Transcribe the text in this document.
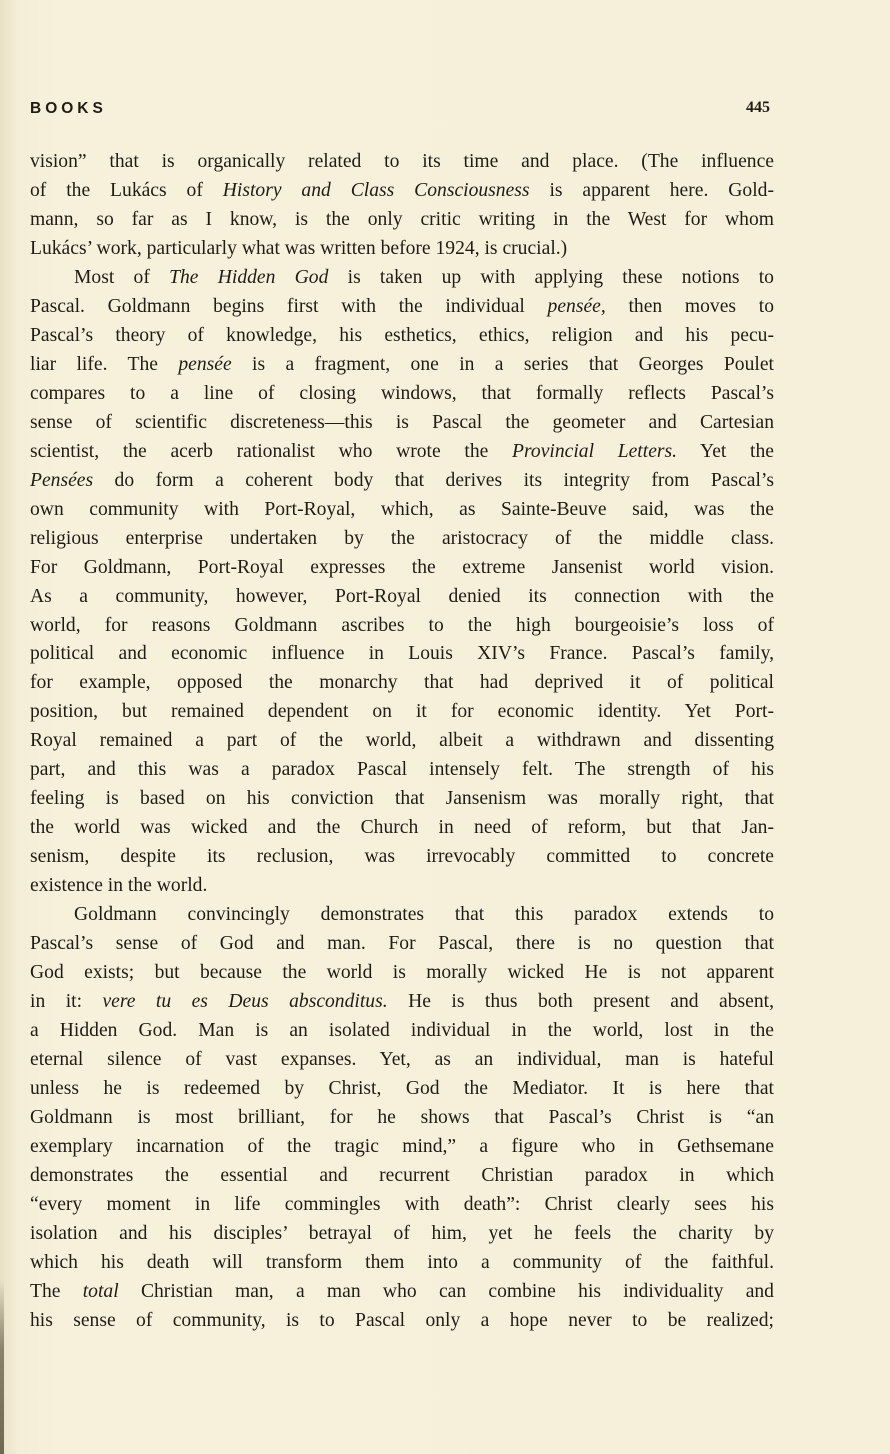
BOOKS	445
vision” that is organically related to its time and place. (The influence
of the Lukács of History and Class Consciousness is apparent here. Gold-
mann, so far as I know, is the only critic writing in the West for whom
Lukács’ work, particularly what was written before 1924, is crucial.)
Most of The Hidden God is taken up with applying these notions to
Pascal. Goldmann begins first with the individual pensée, then moves to
Pascal’s theory of knowledge, his esthetics, ethics, religion and his pecu-
liar life. The pensée is a fragment, one in a series that Georges Poulet
compares to a line of closing windows, that formally reflects Pascal’s
sense of scientific discreteness—this is Pascal the geometer and Cartesian
scientist, the acerb rationalist who wrote the Provincial Letters. Yet the
Pensées do form a coherent body that derives its integrity from Pascal’s
own community with Port-Royal, which, as Sainte-Beuve said, was the
religious enterprise undertaken by the aristocracy of the middle class.
For Goldmann, Port-Royal expresses the extreme Jansenist world vision.
As a community, however, Port-Royal denied its connection with the
world, for reasons Goldmann ascribes to the high bourgeoisie’s loss of
political and economic influence in Louis XIV’s France. Pascal’s family,
for example, opposed the monarchy that had deprived it of political
position, but remained dependent on it for economic identity. Yet Port-
Royal remained a part of the world, albeit a withdrawn and dissenting
part, and this was a paradox Pascal intensely felt. The strength of his
feeling is based on his conviction that Jansenism was morally right, that
the world was wicked and the Church in need of reform, but that Jan-
senism, despite its reclusion, was irrevocably committed to concrete
existence in the world.
Goldmann convincingly demonstrates that this paradox extends to
Pascal’s sense of God and man. For Pascal, there is no question that
God exists; but because the world is morally wicked He is not apparent
in it: vere tu es Deus absconditus. He is thus both present and absent,
a Hidden God. Man is an isolated individual in the world, lost in the
eternal silence of vast expanses. Yet, as an individual, man is hateful
unless he is redeemed by Christ, God the Mediator. It is here that
Goldmann is most brilliant, for he shows that Pascal’s Christ is “an
exemplary incarnation of the tragic mind,” a figure who in Gethsemane
demonstrates the essential and recurrent Christian paradox in which
“every moment in life commingles with death”: Christ clearly sees his
isolation and his disciples’ betrayal of him, yet he feels the charity by
which his death will transform them into a community of the faithful.
The total Christian man, a man who can combine his individuality and
his sense of community, is to Pascal only a hope never to be realized;
